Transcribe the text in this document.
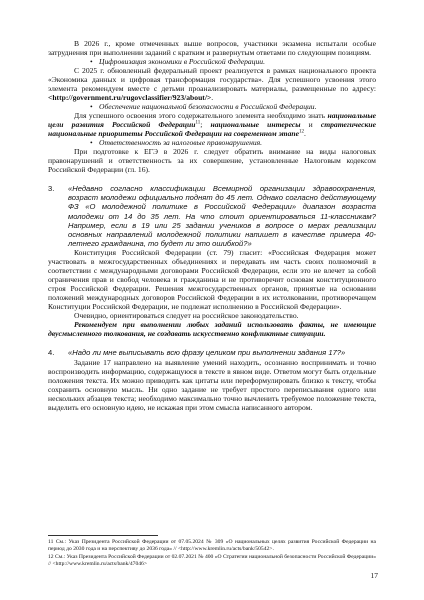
В 2026 г., кроме отмеченных выше вопросов, участники экзамена испытали особые затруднения при выполнении заданий с кратким и развернутым ответами по следующим позициям.

• Цифровизация экономики в Российской Федерации.

С 2025 г. обновленный федеральный проект реализуется в рамках национального проекта «Экономика данных и цифровая трансформация государства». Для успешного усвоения этого элемента рекомендуем вместе с детьми проанализировать материалы, размещенные по адресу: <http://government.ru/rugovclassifier/923/about/>.

• Обеспечение национальной безопасности в Российской Федерации.

Для успешного освоения этого содержательного элемента необходимо знать национальные цели развития Российской Федерации$^{11}$; национальные интересы и стратегические национальные приоритеты Российской Федерации на современном этапе$^{12}$.

• Ответственность за налоговые правонарушения.

При подготовке к ЕГЭ в 2026 г. следует обратить внимание на виды налоговых правонарушений и ответственность за их совершение, установленные Налоговым кодексом Российской Федерации (гл. 16).

3. «Недавно согласно классификации Всемирной организации здравоохранения, возраст молодежи официально поднят до 45 лет. Однако согласно действующему ФЗ «О молодежной политике в Российской Федерации» диапазон возраста молодежи от 14 до 35 лет. На что стоит ориентироваться 11-классникам? Например, если в 19 или 25 задании учеников в вопросе о мерах реализации основных направлений молодежной политики напишет в качестве примера 40-летнего гражданина, то будет ли это ошибкой?»

Конституция Российской Федерации (ст. 79) гласит: «Российская Федерация может участвовать в межгосударственных объединениях и передавать им часть своих полномочий в соответствии с международными договорами Российской Федерации, если это не влечет за собой ограничения прав и свобод человека и гражданина и не противоречит основам конституционного строя Российской Федерации. Решения межгосударственных органов, принятые на основании положений международных договоров Российской Федерации в их истолковании, противоречащем Конституции Российской Федерации, не подлежат исполнению в Российской Федерации».

Очевидно, ориентироваться следует на российское законодательство.

Рекомендуем при выполнении любых заданий использовать факты, не имеющие двусмысленного толкования, не создавать искусственно конфликтные ситуации.

4. «Надо ли мне выписывать всю фразу целиком при выполнении задания 17?»

Задание 17 направлено на выявление умений находить, осознанно воспринимать и точно воспроизводить информацию, содержащуюся в тексте в явном виде. Ответом могут быть отдельные положения текста. Их можно приводить как цитаты или переформулировать близко к тексту, чтобы сохранить основную мысль. Ни одно задание не требует простого переписывания одного или нескольких абзацев текста; необходимо максимально точно вычленить требуемое положение текста, выделить его основную идею, не искажая при этом смысла написанного автором.

11 См.: Указ Президента Российской Федерации от 07.05.2024 № 309 «О национальных целях развития Российской Федерации на период до 2030 года и на перспективу до 2036 года» // <http://www.kremlin.ru/acts/bank/50542>.
12 См.: Указ Президента Российской Федерации от 02.07.2021 № 400 «О Стратегии национальной безопасности Российской Федерации» // <http://www.kremlin.ru/acts/bank/47046>
17
